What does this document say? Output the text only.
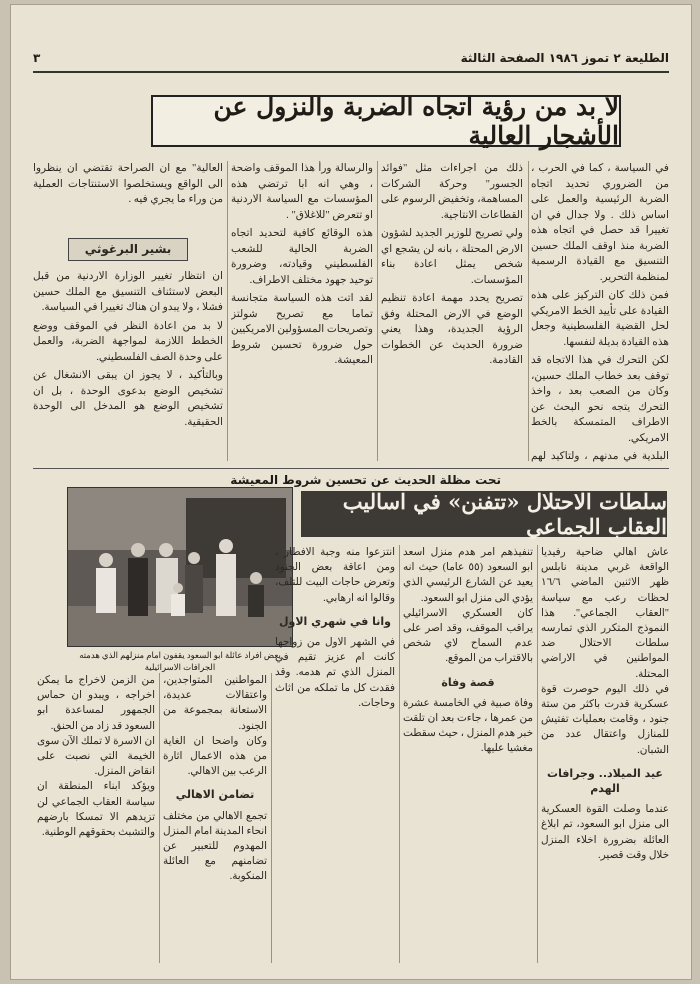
الطليعة ٢ تموز ١٩٨٦ الصفحة الثالثة
٣
لا بد من رؤية اتجاه الضربة والنزول عن الأشجار العالية

في السياسة ، كما في الحرب ، من الضروري تحديد اتجاه الضربة الرئيسية والعمل على اساس ذلك . ولا جدال في ان تغييرا قد حصل في اتجاه هذه الضربة منذ اوقف الملك حسين التنسيق مع القيادة الرسمية لمنظمة التحرير.

فمن ذلك كان التركيز على هذه القيادة على تأييد الخط الامريكي لحل القضية الفلسطينية وجعل هذه القيادة بديلة لنفسها.

لكن التحرك في هذا الاتجاه قد توقف بعد خطاب الملك حسين، وكان من الصعب بعد ، واخذ التحرك يتجه نحو البحث عن الاطراف المتمسكة بالخط الامريكي.

البلدية في مدنهم ، ولتاكيد لهم

ذلك من اجراءات مثل "فوائد الجسور" وحركة الشركات المساهمة، وتخفيض الرسوم على القطاعات الانتاجية.

ولي تصريح للوزير الجديد لشؤون الارض المحتلة ، بانه لن يشجع اي شخص يمثل اعادة بناء المؤسسات.

تصريح يحدد مهمة اعادة تنظيم الوضع في الارض المحتلة وفق الرؤية الجديدة، وهذا يعني ضرورة الحديث عن الخطوات القادمة.

والرسالة ورأ هذا الموقف واضحة ، وهي انه ابا ترتضي هذه المؤسسات مع السياسة الاردنية او تتعرض "للاغلاق" .

هذه الوقائع كافية لتحديد اتجاه الضربة الحالية للشعب الفلسطيني وقيادته، وضرورة توحيد جهود مختلف الاطراف.

لقد اتت هذه السياسة متجانسة تماما مع تصريح شولتز وتصريحات المسؤولين الامريكيين حول ضرورة تحسين شروط المعيشة.

العالية" مع ان الصراحة تقتضي ان ينظروا الى الواقع ويستخلصوا الاستنتاجات العملية من وراء ما يجري فيه .

بشير البرغوثي

ان انتظار تغيير الوزارة الاردنية من قبل البعض لاستئناف التنسيق مع الملك حسين فشلا ، ولا يبدو ان هناك تغييرا في السياسة.

لا بد من اعادة النظر في الموقف ووضع الخطط اللازمة لمواجهة الضربة، والعمل على وحدة الصف الفلسطيني.

وبالتأكيد ، لا يجوز ان يبقى الانشغال عن تشخيص الوضع بدعوى الوحدة ، بل ان تشخيص الوضع هو المدخل الى الوحدة الحقيقية.

تحت مظلة الحديث عن تحسين شروط المعيشة
سلطات الاحتلال «تتفنن» في اساليب العقاب الجماعي
بعض افراد عائلة ابو السعود يقفون امام منزلهم الذي هدمته الجرافات الاسرائيلية

عاش اهالي ضاحية رفيديا الواقعة غربي مدينة نابلس ظهر الاثنين الماضي ١٦/٦ لحظات رعب مع سياسة "العقاب الجماعي". هذا النموذج المتكرر الذي تمارسه سلطات الاحتلال ضد المواطنين في الاراضي المحتلة.

في ذلك اليوم حوصرت قوة عسكرية قدرت باكثر من ستة جنود ، وقامت بعمليات تفتيش للمنازل واعتقال عدد من الشبان.

عيد الميلاد.. وجرافات الهدم

عندما وصلت القوة العسكرية الى منزل ابو السعود، تم ابلاغ العائلة بضرورة اخلاء المنزل خلال وقت قصير.

تنفيذهم امر هدم منزل اسعد ابو السعود (٥٥ عاما) حيث انه يعيد عن الشارع الرئيسي الذي يؤدي الى منزل ابو السعود.

كان العسكري الاسرائيلي يراقب الموقف، وقد اصر على عدم السماح لاي شخص بالاقتراب من الموقع.

قصة وفاة

وفاة صبية في الخامسة عشرة من عمرها ، جاءت بعد ان تلقت خبر هدم المنزل ، حيث سقطت مغشيا عليها.

انتزعوا منه وجبة الافطار ، ومن اعاقة بعض الجنود وتعرض حاجات البيت للتلف، وقالوا انه ارهابي.

وانا في شهري الاول

في الشهر الاول من زواجها كانت ام عزيز تقيم في المنزل الذي تم هدمه. وقد فقدت كل ما تملكه من اثاث وحاجات.

المواطنين المتواجدين، واعتقالات عديدة، الاستعانة بمجموعة من الجنود.

وكان واضحا ان الغاية من هذه الاعمال اثارة الرعب بين الاهالي.

تضامن الاهالي

تجمع الاهالي من مختلف انحاء المدينة امام المنزل المهدوم للتعبير عن تضامنهم مع العائلة المنكوبة.

من الزمن لاخراج ما يمكن اخراجه ، ويبدو ان حماس الجمهور لمساعدة ابو السعود قد زاد من الحنق.

ان الاسرة لا تملك الآن سوى الخيمة التي نصبت على انقاض المنزل.

ويؤكد ابناء المنطقة ان سياسة العقاب الجماعي لن تزيدهم الا تمسكا بارضهم والتشبث بحقوقهم الوطنية.
